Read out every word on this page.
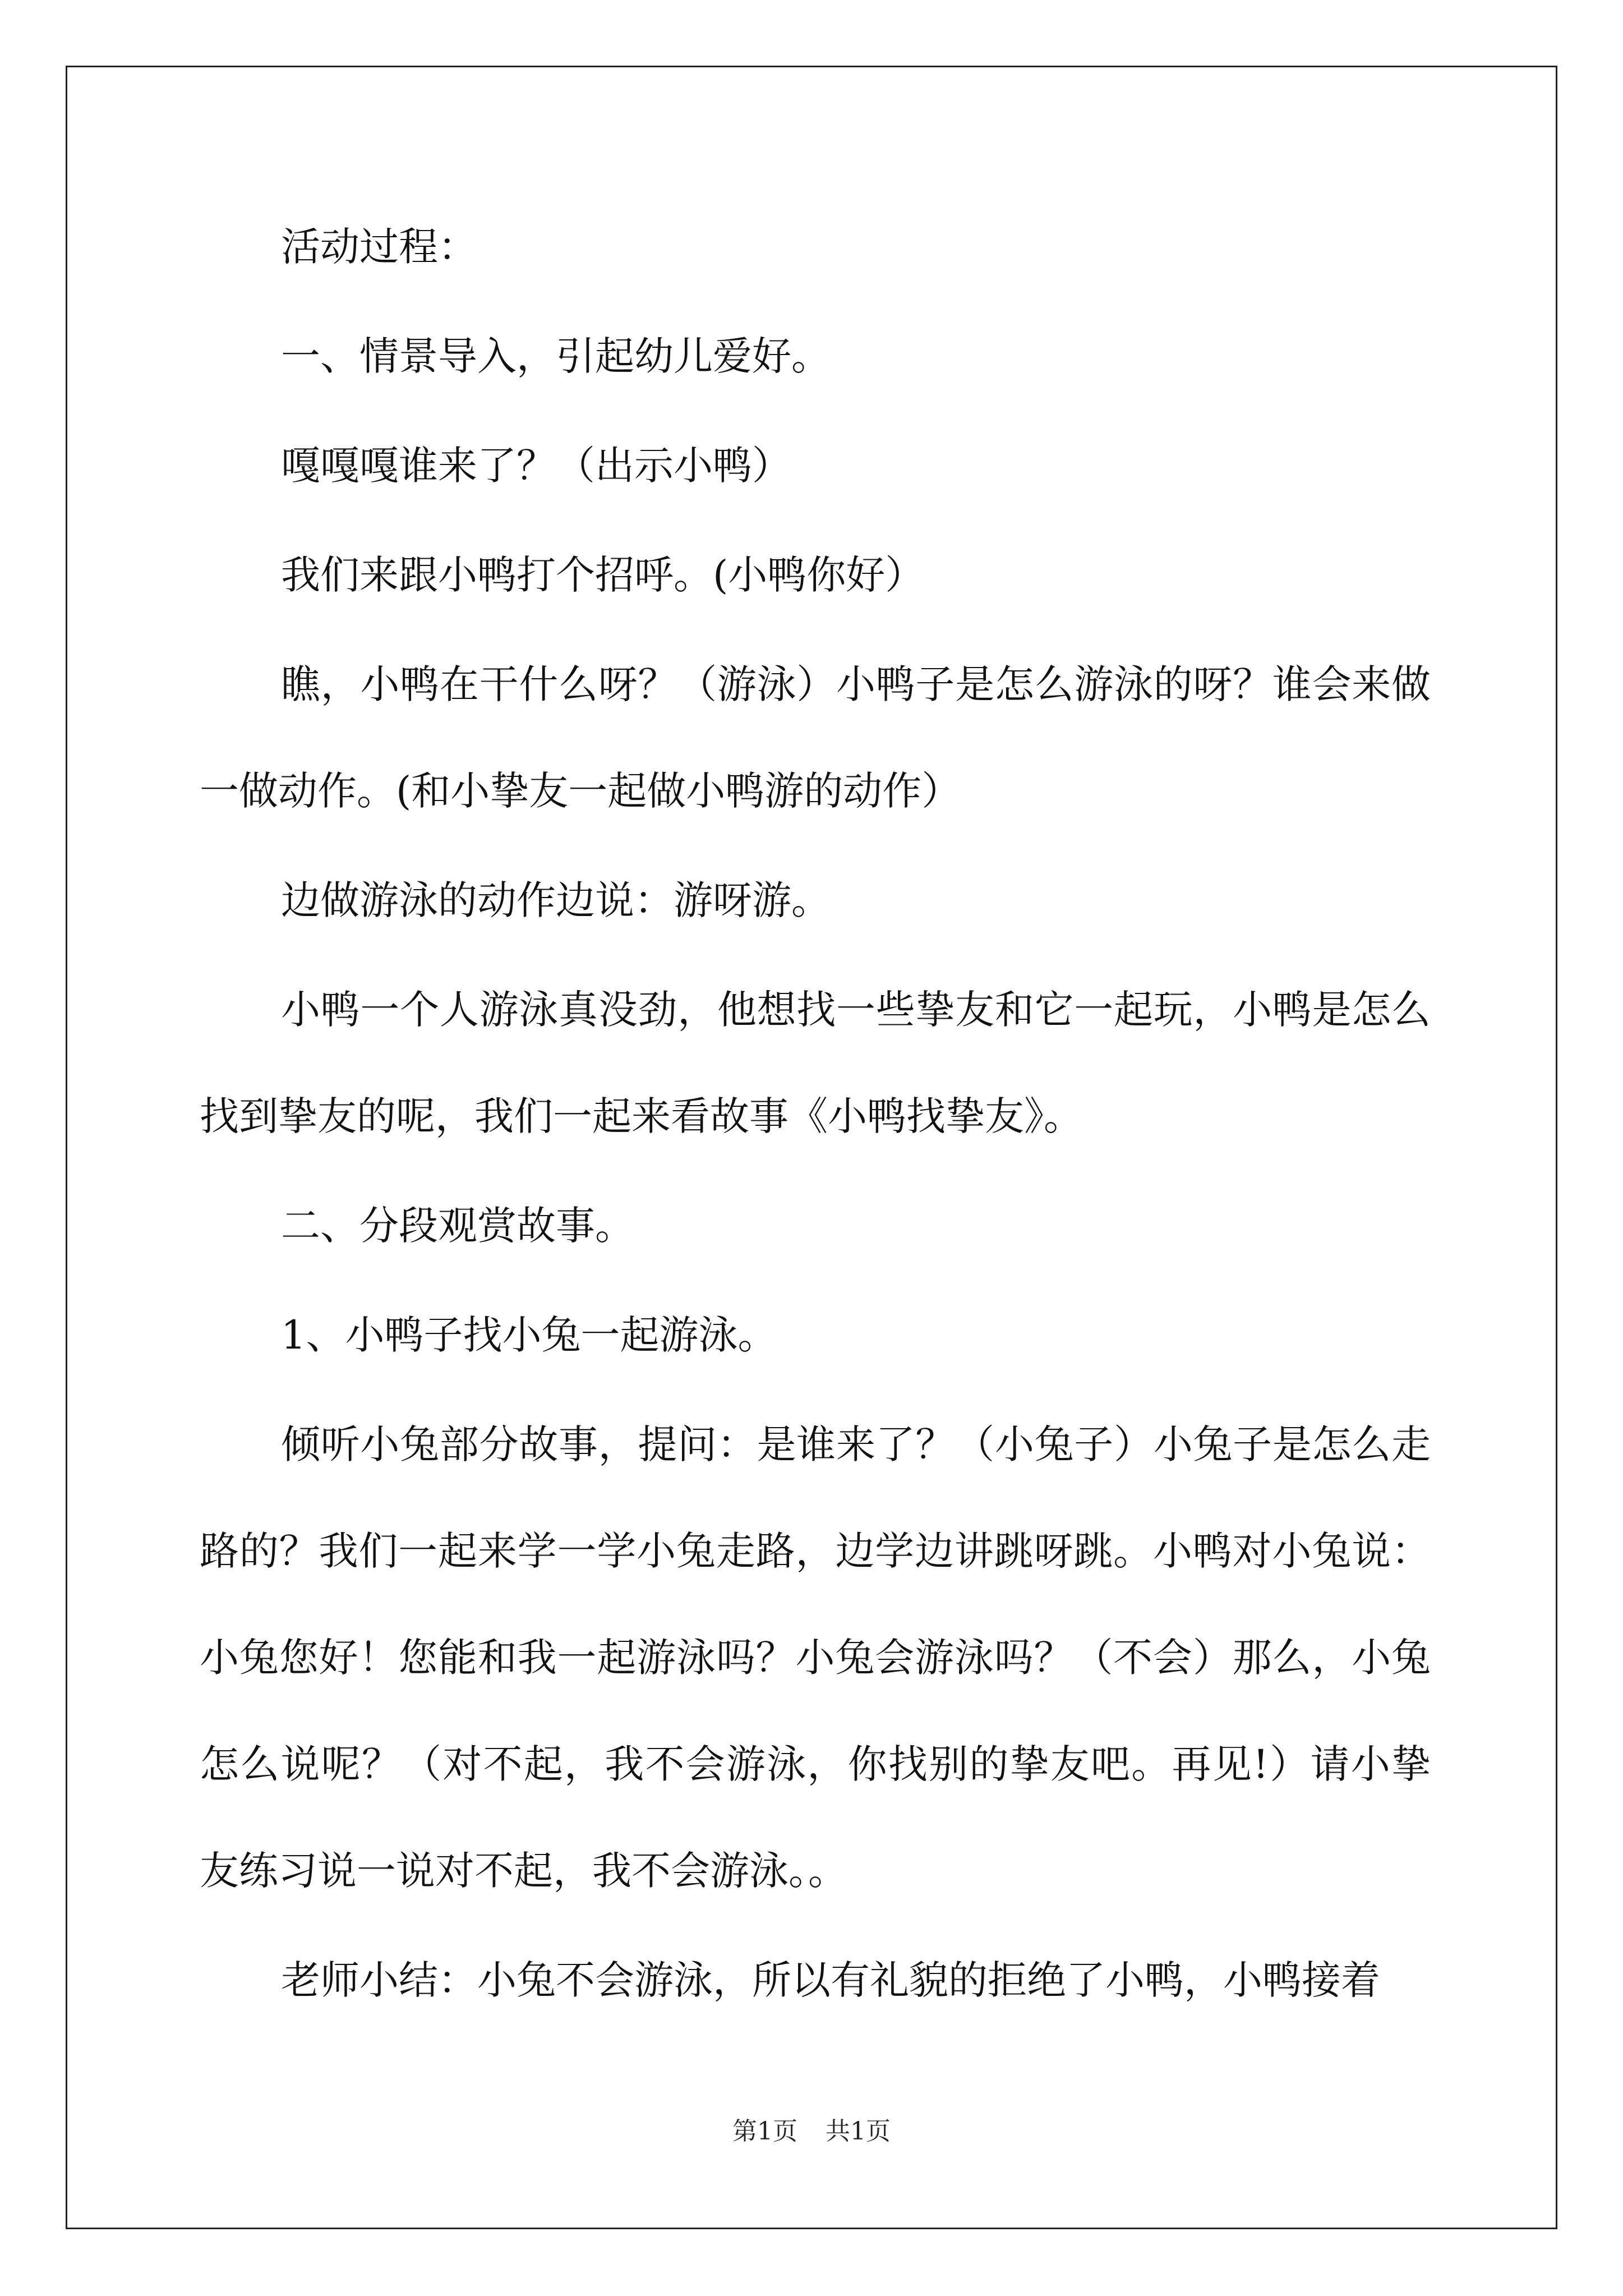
活动过程：

一、情景导入，引起幼儿爱好。

嘎嘎嘎谁来了？（出示小鸭）

我们来跟小鸭打个招呼。(小鸭你好）

瞧，小鸭在干什么呀？（游泳）小鸭子是怎么游泳的呀？谁会来做一做动作。(和小挚友一起做小鸭游的动作）

边做游泳的动作边说：游呀游。

小鸭一个人游泳真没劲，他想找一些挚友和它一起玩，小鸭是怎么找到挚友的呢，我们一起来看故事《小鸭找挚友》。

二、分段观赏故事。

1、小鸭子找小兔一起游泳。

倾听小兔部分故事，提问：是谁来了？（小兔子）小兔子是怎么走路的？我们一起来学一学小兔走路，边学边讲跳呀跳。小鸭对小兔说：小兔您好！您能和我一起游泳吗？小兔会游泳吗？（不会）那么，小兔怎么说呢？（对不起，我不会游泳，你找别的挚友吧。再见!）请小挚友练习说一说对不起，我不会游泳。。

老师小结：小兔不会游泳，所以有礼貌的拒绝了小鸭，小鸭接着

第1页 共1页
